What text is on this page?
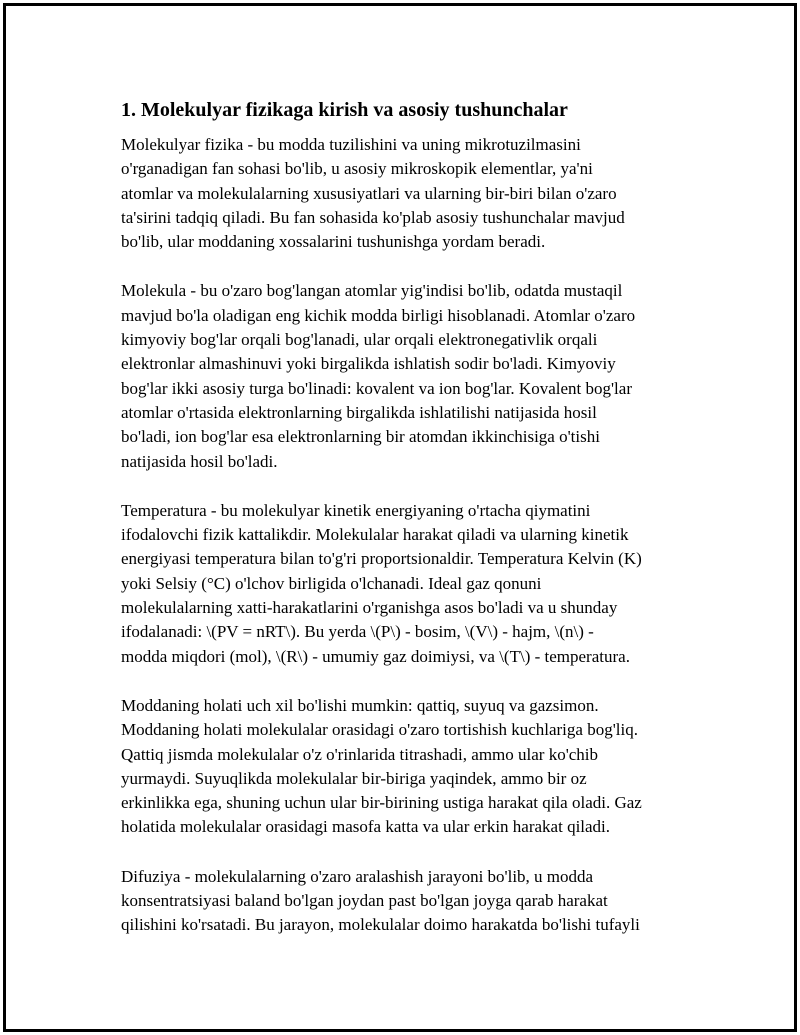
1. Molekulyar fizikaga kirish va asosiy tushunchalar

Molekulyar fizika - bu modda tuzilishini va uning mikrotuzilmasini
o'rganadigan fan sohasi bo'lib, u asosiy mikroskopik elementlar, ya'ni
atomlar va molekulalarning xususiyatlari va ularning bir-biri bilan o'zaro
ta'sirini tadqiq qiladi. Bu fan sohasida ko'plab asosiy tushunchalar mavjud
bo'lib, ular moddaning xossalarini tushunishga yordam beradi.

Molekula - bu o'zaro bog'langan atomlar yig'indisi bo'lib, odatda mustaqil
mavjud bo'la oladigan eng kichik modda birligi hisoblanadi. Atomlar o'zaro
kimyoviy bog'lar orqali bog'lanadi, ular orqali elektronegativlik orqali
elektronlar almashinuvi yoki birgalikda ishlatish sodir bo'ladi. Kimyoviy
bog'lar ikki asosiy turga bo'linadi: kovalent va ion bog'lar. Kovalent bog'lar
atomlar o'rtasida elektronlarning birgalikda ishlatilishi natijasida hosil
bo'ladi, ion bog'lar esa elektronlarning bir atomdan ikkinchisiga o'tishi
natijasida hosil bo'ladi.

Temperatura - bu molekulyar kinetik energiyaning o'rtacha qiymatini
ifodalovchi fizik kattalikdir. Molekulalar harakat qiladi va ularning kinetik
energiyasi temperatura bilan to'g'ri proportsionaldir. Temperatura Kelvin (K)
yoki Selsiy (°C) o'lchov birligida o'lchanadi. Ideal gaz qonuni
molekulalarning xatti-harakatlarini o'rganishga asos bo'ladi va u shunday
ifodalanadi: \(PV = nRT\). Bu yerda \(P\) - bosim, \(V\) - hajm, \(n\) -
modda miqdori (mol), \(R\) - umumiy gaz doimiysi, va \(T\) - temperatura.

Moddaning holati uch xil bo'lishi mumkin: qattiq, suyuq va gazsimon.
Moddaning holati molekulalar orasidagi o'zaro tortishish kuchlariga bog'liq.
Qattiq jismda molekulalar o'z o'rinlarida titrashadi, ammo ular ko'chib
yurmaydi. Suyuqlikda molekulalar bir-biriga yaqindek, ammo bir oz
erkinlikka ega, shuning uchun ular bir-birining ustiga harakat qila oladi. Gaz
holatida molekulalar orasidagi masofa katta va ular erkin harakat qiladi.

Difuziya - molekulalarning o'zaro aralashish jarayoni bo'lib, u modda
konsentratsiyasi baland bo'lgan joydan past bo'lgan joyga qarab harakat
qilishini ko'rsatadi. Bu jarayon, molekulalar doimo harakatda bo'lishi tufayli
